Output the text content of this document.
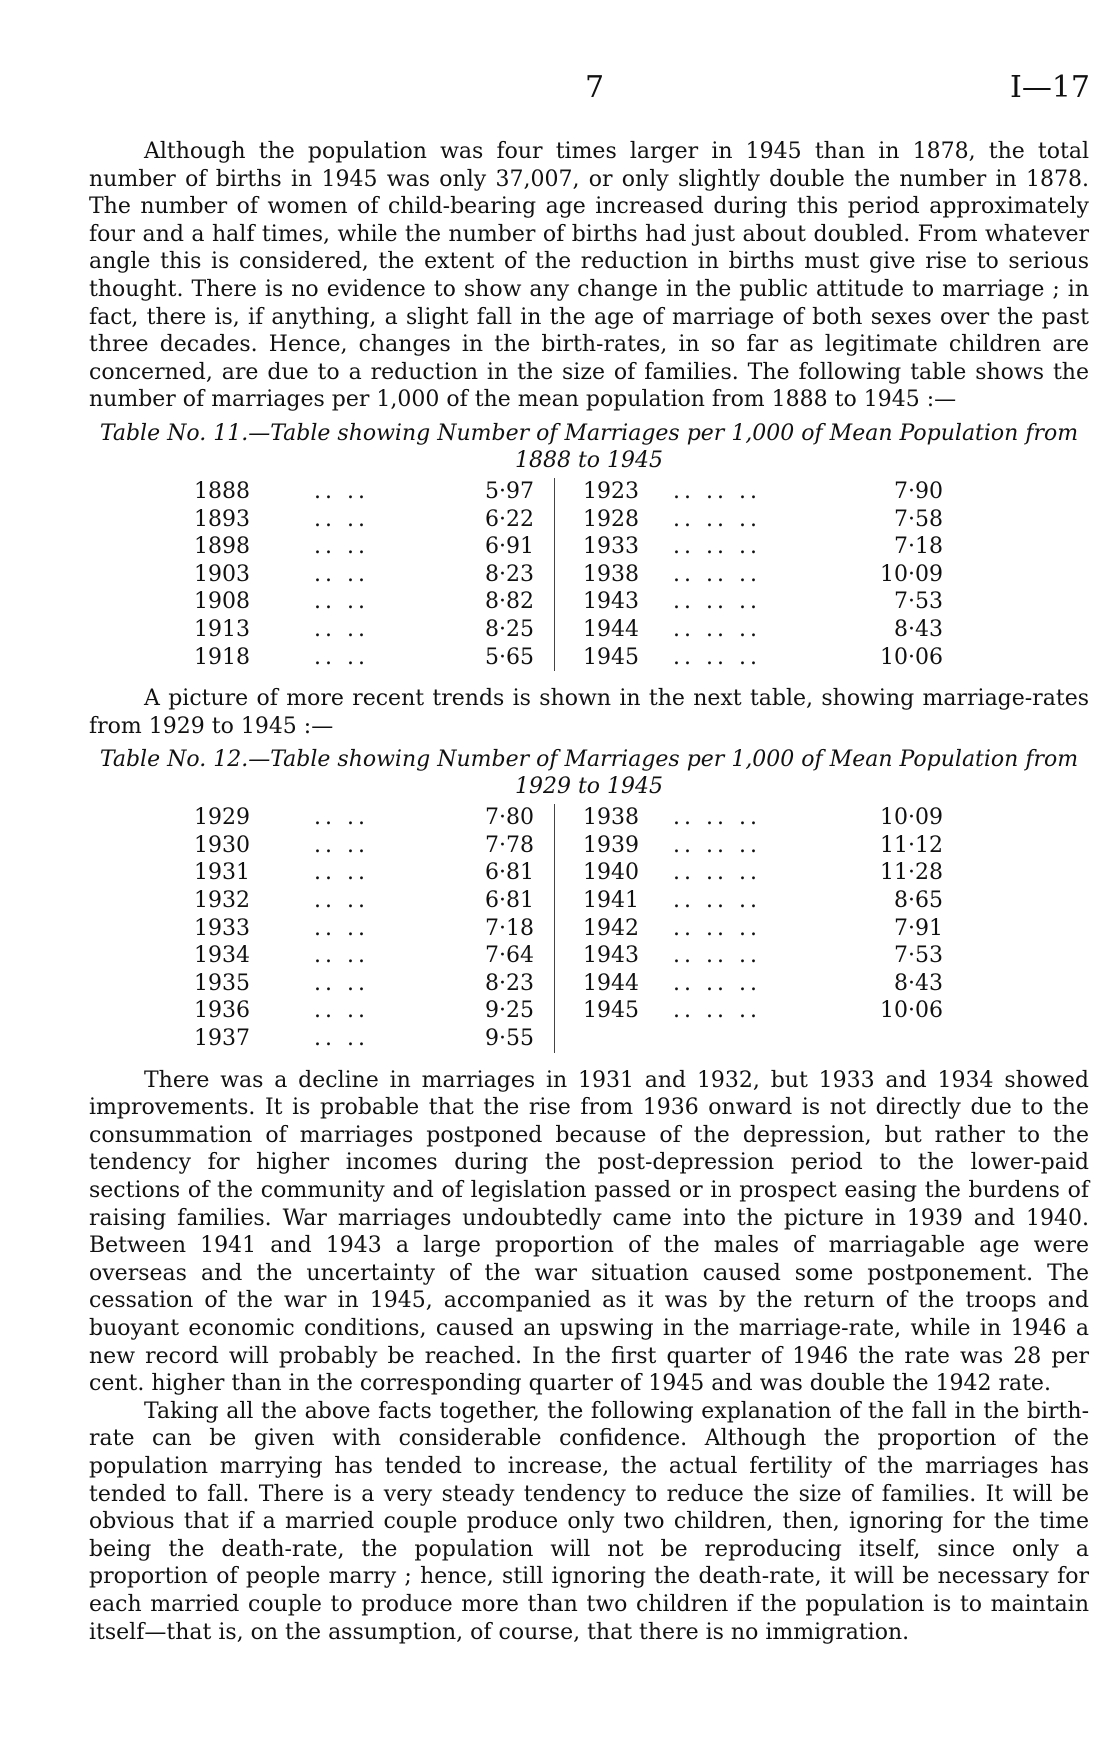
7	I—17

Although the population was four times larger in 1945 than in 1878, the total number of births in 1945 was only 37,007, or only slightly double the number in 1878. The number of women of child-bearing age increased during this period approximately four and a half times, while the number of births had just about doubled. From whatever angle this is considered, the extent of the reduction in births must give rise to serious thought. There is no evidence to show any change in the public attitude to marriage ; in fact, there is, if anything, a slight fall in the age of marriage of both sexes over the past three decades. Hence, changes in the birth-rates, in so far as legitimate children are concerned, are due to a reduction in the size of families. The following table shows the number of marriages per 1,000 of the mean population from 1888 to 1945 :—

Table No. 11.—Table showing Number of Marriages per 1,000 of Mean Population from 1888 to 1945
1888	.. ..	5·97		1923	.. .. ..	7·90
1893	.. ..	6·22		1928	.. .. ..	7·58
1898	.. ..	6·91		1933	.. .. ..	7·18
1903	.. ..	8·23		1938	.. .. ..	10·09
1908	.. ..	8·82		1943	.. .. ..	7·53
1913	.. ..	8·25		1944	.. .. ..	8·43
1918	.. ..	5·65		1945	.. .. ..	10·06

A picture of more recent trends is shown in the next table, showing marriage-rates from 1929 to 1945 :—

Table No. 12.—Table showing Number of Marriages per 1,000 of Mean Population from 1929 to 1945
1929	.. ..	7·80		1938	.. .. ..	10·09
1930	.. ..	7·78		1939	.. .. ..	11·12
1931	.. ..	6·81		1940	.. .. ..	11·28
1932	.. ..	6·81		1941	.. .. ..	8·65
1933	.. ..	7·18		1942	.. .. ..	7·91
1934	.. ..	7·64		1943	.. .. ..	7·53
1935	.. ..	8·23		1944	.. .. ..	8·43
1936	.. ..	9·25		1945	.. .. ..	10·06
1937	.. ..	9·55				

There was a decline in marriages in 1931 and 1932, but 1933 and 1934 showed improvements. It is probable that the rise from 1936 onward is not directly due to the consummation of marriages postponed because of the depression, but rather to the tendency for higher incomes during the post-depression period to the lower-paid sections of the community and of legislation passed or in prospect easing the burdens of raising families. War marriages undoubtedly came into the picture in 1939 and 1940. Between 1941 and 1943 a large proportion of the males of marriagable age were overseas and the uncertainty of the war situation caused some postponement. The cessation of the war in 1945, accompanied as it was by the return of the troops and buoyant economic conditions, caused an upswing in the marriage-rate, while in 1946 a new record will probably be reached. In the first quarter of 1946 the rate was 28 per cent. higher than in the corresponding quarter of 1945 and was double the 1942 rate.

Taking all the above facts together, the following explanation of the fall in the birth-rate can be given with considerable confidence. Although the proportion of the population marrying has tended to increase, the actual fertility of the marriages has tended to fall. There is a very steady tendency to reduce the size of families. It will be obvious that if a married couple produce only two children, then, ignoring for the time being the death-rate, the population will not be reproducing itself, since only a proportion of people marry ; hence, still ignoring the death-rate, it will be necessary for each married couple to produce more than two children if the population is to maintain itself—that is, on the assumption, of course, that there is no immigration.
